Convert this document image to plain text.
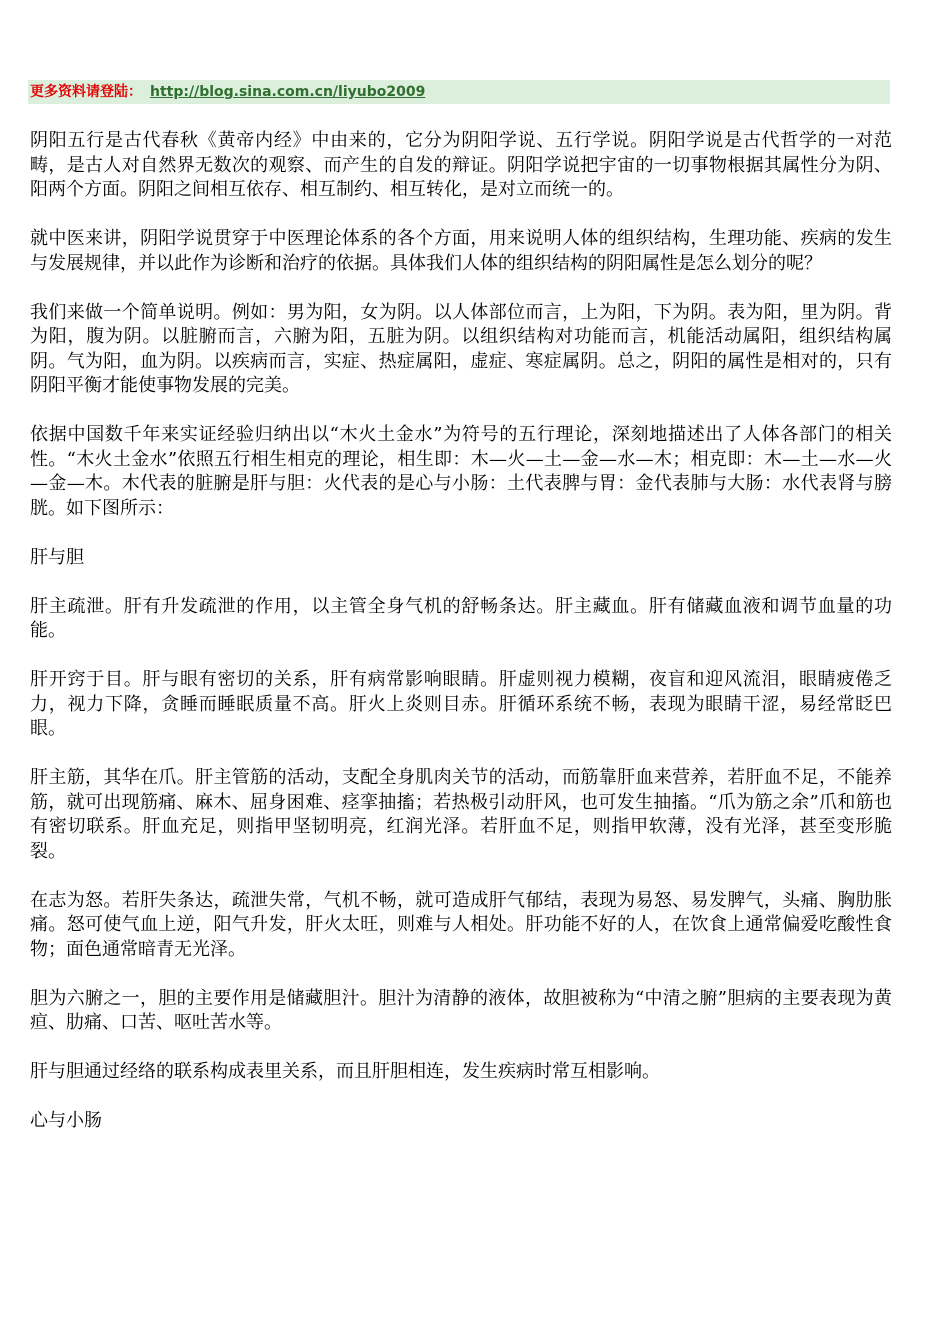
更多资料请登陆： http://blog.sina.com.cn/liyubo2009

阴阳五行是古代春秋《黄帝内经》中由来的，它分为阴阳学说、五行学说。阴阳学说是古代哲学的一对范畴，是古人对自然界无数次的观察、而产生的自发的辩证。阴阳学说把宇宙的一切事物根据其属性分为阴、阳两个方面。阴阳之间相互依存、相互制约、相互转化，是对立而统一的。

就中医来讲，阴阳学说贯穿于中医理论体系的各个方面，用来说明人体的组织结构，生理功能、疾病的发生与发展规律，并以此作为诊断和治疗的依据。具体我们人体的组织结构的阴阳属性是怎么划分的呢？

我们来做一个简单说明。例如：男为阳，女为阴。以人体部位而言，上为阳，下为阴。表为阳，里为阴。背为阳，腹为阴。以脏腑而言，六腑为阳，五脏为阴。以组织结构对功能而言，机能活动属阳，组织结构属阴。气为阳，血为阴。以疾病而言，实症、热症属阳，虚症、寒症属阴。总之，阴阳的属性是相对的，只有阴阳平衡才能使事物发展的完美。

依据中国数千年来实证经验归纳出以“木火土金水”为符号的五行理论，深刻地描述出了人体各部门的相关性。“木火土金水”依照五行相生相克的理论，相生即：木—火—土—金—水—木；相克即：木—土—水—火—金—木。木代表的脏腑是肝与胆：火代表的是心与小肠：土代表脾与胃：金代表肺与大肠：水代表肾与膀胱。如下图所示：

肝与胆

肝主疏泄。肝有升发疏泄的作用，以主管全身气机的舒畅条达。肝主藏血。肝有储藏血液和调节血量的功能。

肝开窍于目。肝与眼有密切的关系，肝有病常影响眼睛。肝虚则视力模糊，夜盲和迎风流泪，眼睛疲倦乏力，视力下降，贪睡而睡眠质量不高。肝火上炎则目赤。肝循环系统不畅，表现为眼睛干涩，易经常眨巴眼。

肝主筋，其华在爪。肝主管筋的活动，支配全身肌肉关节的活动，而筋靠肝血来营养，若肝血不足，不能养筋，就可出现筋痛、麻木、屈身困难、痉挛抽搐；若热极引动肝风，也可发生抽搐。“爪为筋之余”爪和筋也有密切联系。肝血充足，则指甲坚韧明亮，红润光泽。若肝血不足，则指甲软薄，没有光泽，甚至变形脆裂。

在志为怒。若肝失条达，疏泄失常，气机不畅，就可造成肝气郁结，表现为易怒、易发脾气，头痛、胸肋胀痛。怒可使气血上逆，阳气升发，肝火太旺，则难与人相处。肝功能不好的人，在饮食上通常偏爱吃酸性食物；面色通常暗青无光泽。

胆为六腑之一，胆的主要作用是储藏胆汁。胆汁为清静的液体，故胆被称为“中清之腑”胆病的主要表现为黄疸、肋痛、口苦、呕吐苦水等。

肝与胆通过经络的联系构成表里关系，而且肝胆相连，发生疾病时常互相影响。

心与小肠
